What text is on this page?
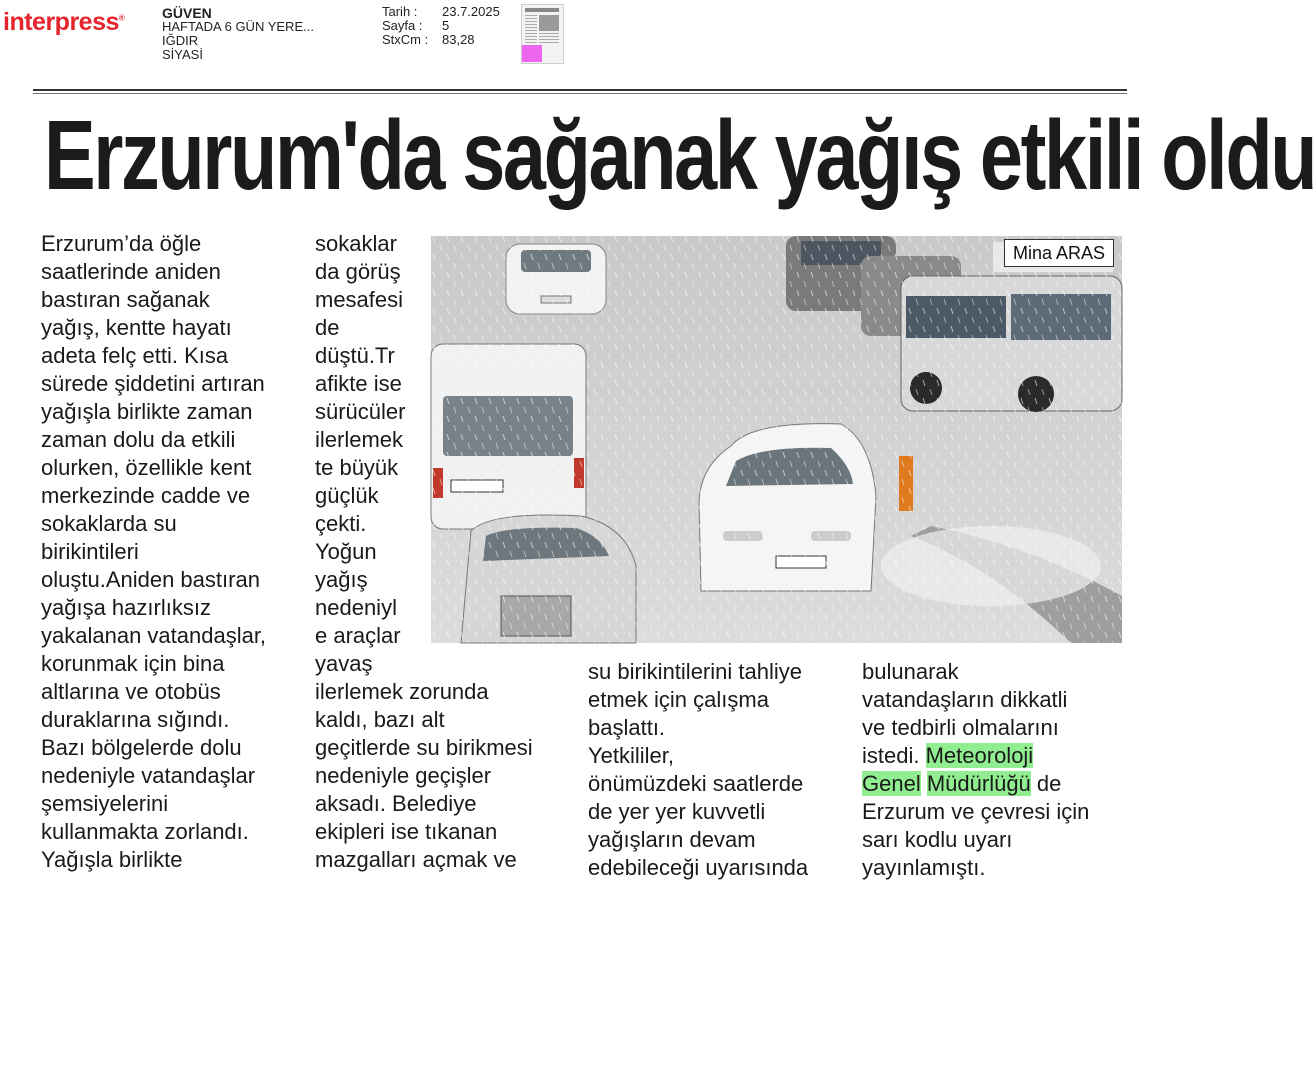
interpress®	GÜVEN
HAFTADA 6 GÜN YERE...
IĞDIR
SİYASİ
Tarih :	23.7.2025
Sayfa :	5
StxCm :	83,28
Erzurum'da sağanak yağış etkili oldu
Erzurum’da öğle
saatlerinde aniden
bastıran sağanak
yağış, kentte hayatı
adeta felç etti. Kısa
sürede şiddetini artıran
yağışla birlikte zaman
zaman dolu da etkili
olurken, özellikle kent
merkezinde cadde ve
sokaklarda su
birikintileri
oluştu.Aniden bastıran
yağışa hazırlıksız
yakalanan vatandaşlar,
korunmak için bina
altlarına ve otobüs
duraklarına sığındı.
Bazı bölgelerde dolu
nedeniyle vatandaşlar
şemsiyelerini
kullanmakta zorlandı.
Yağışla birlikte
sokaklar
da görüş
mesafesi
de
düştü.Tr
afikte ise
sürücüler
ilerlemek
te büyük
güçlük
çekti.
Yoğun
yağış
nedeniyl
e araçlar
yavaş
ilerlemek zorunda
kaldı, bazı alt
geçitlerde su birikmesi
nedeniyle geçişler
aksadı. Belediye
ekipleri ise tıkanan
mazgalları açmak ve
su birikintilerini tahliye
etmek için çalışma
başlattı.
Yetkililer,
önümüzdeki saatlerde
de yer yer kuvvetli
yağışların devam
edebileceği uyarısında
bulunarak
vatandaşların dikkatli
ve tedbirli olmalarını
istedi. Meteoroloji
Genel Müdürlüğü de
Erzurum ve çevresi için
sarı kodlu uyarı
yayınlamıştı.
Mina ARAS
